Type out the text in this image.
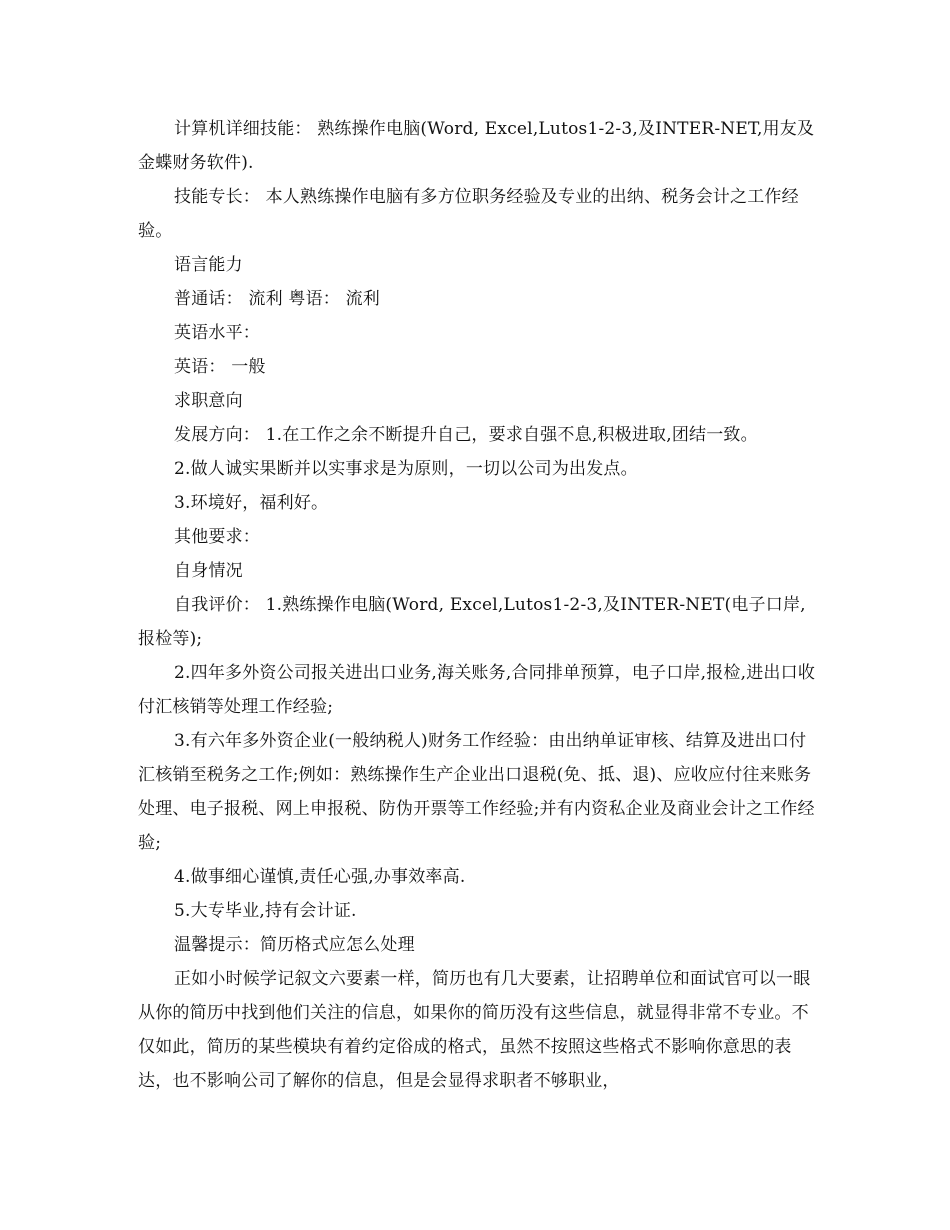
计算机详细技能： 熟练操作电脑(Word, Excel,Lutos1-2-3,及INTER-NET,用友及金蝶财务软件).

技能专长： 本人熟练操作电脑有多方位职务经验及专业的出纳、税务会计之工作经验。

语言能力

普通话： 流利 粤语： 流利

英语水平：

英语： 一般

求职意向

发展方向： 1.在工作之余不断提升自己，要求自强不息,积极进取,团结一致。

2.做人诚实果断并以实事求是为原则，一切以公司为出发点。

3.环境好，福利好。

其他要求：

自身情况

自我评价： 1.熟练操作电脑(Word, Excel,Lutos1-2-3,及INTER-NET(电子口岸,报检等);

2.四年多外资公司报关进出口业务,海关账务,合同排单预算，电子口岸,报检,进出口收付汇核销等处理工作经验;

3.有六年多外资企业(一般纳税人)财务工作经验：由出纳单证审核、结算及进出口付汇核销至税务之工作;例如：熟练操作生产企业出口退税(免、抵、退)、应收应付往来账务处理、电子报税、网上申报税、防伪开票等工作经验;并有内资私企业及商业会计之工作经验;

4.做事细心谨慎,责任心强,办事效率高.

5.大专毕业,持有会计证.

温馨提示：简历格式应怎么处理

正如小时候学记叙文六要素一样，简历也有几大要素，让招聘单位和面试官可以一眼从你的简历中找到他们关注的信息，如果你的简历没有这些信息，就显得非常不专业。不仅如此，简历的某些模块有着约定俗成的格式，虽然不按照这些格式不影响你意思的表达，也不影响公司了解你的信息，但是会显得求职者不够职业，
